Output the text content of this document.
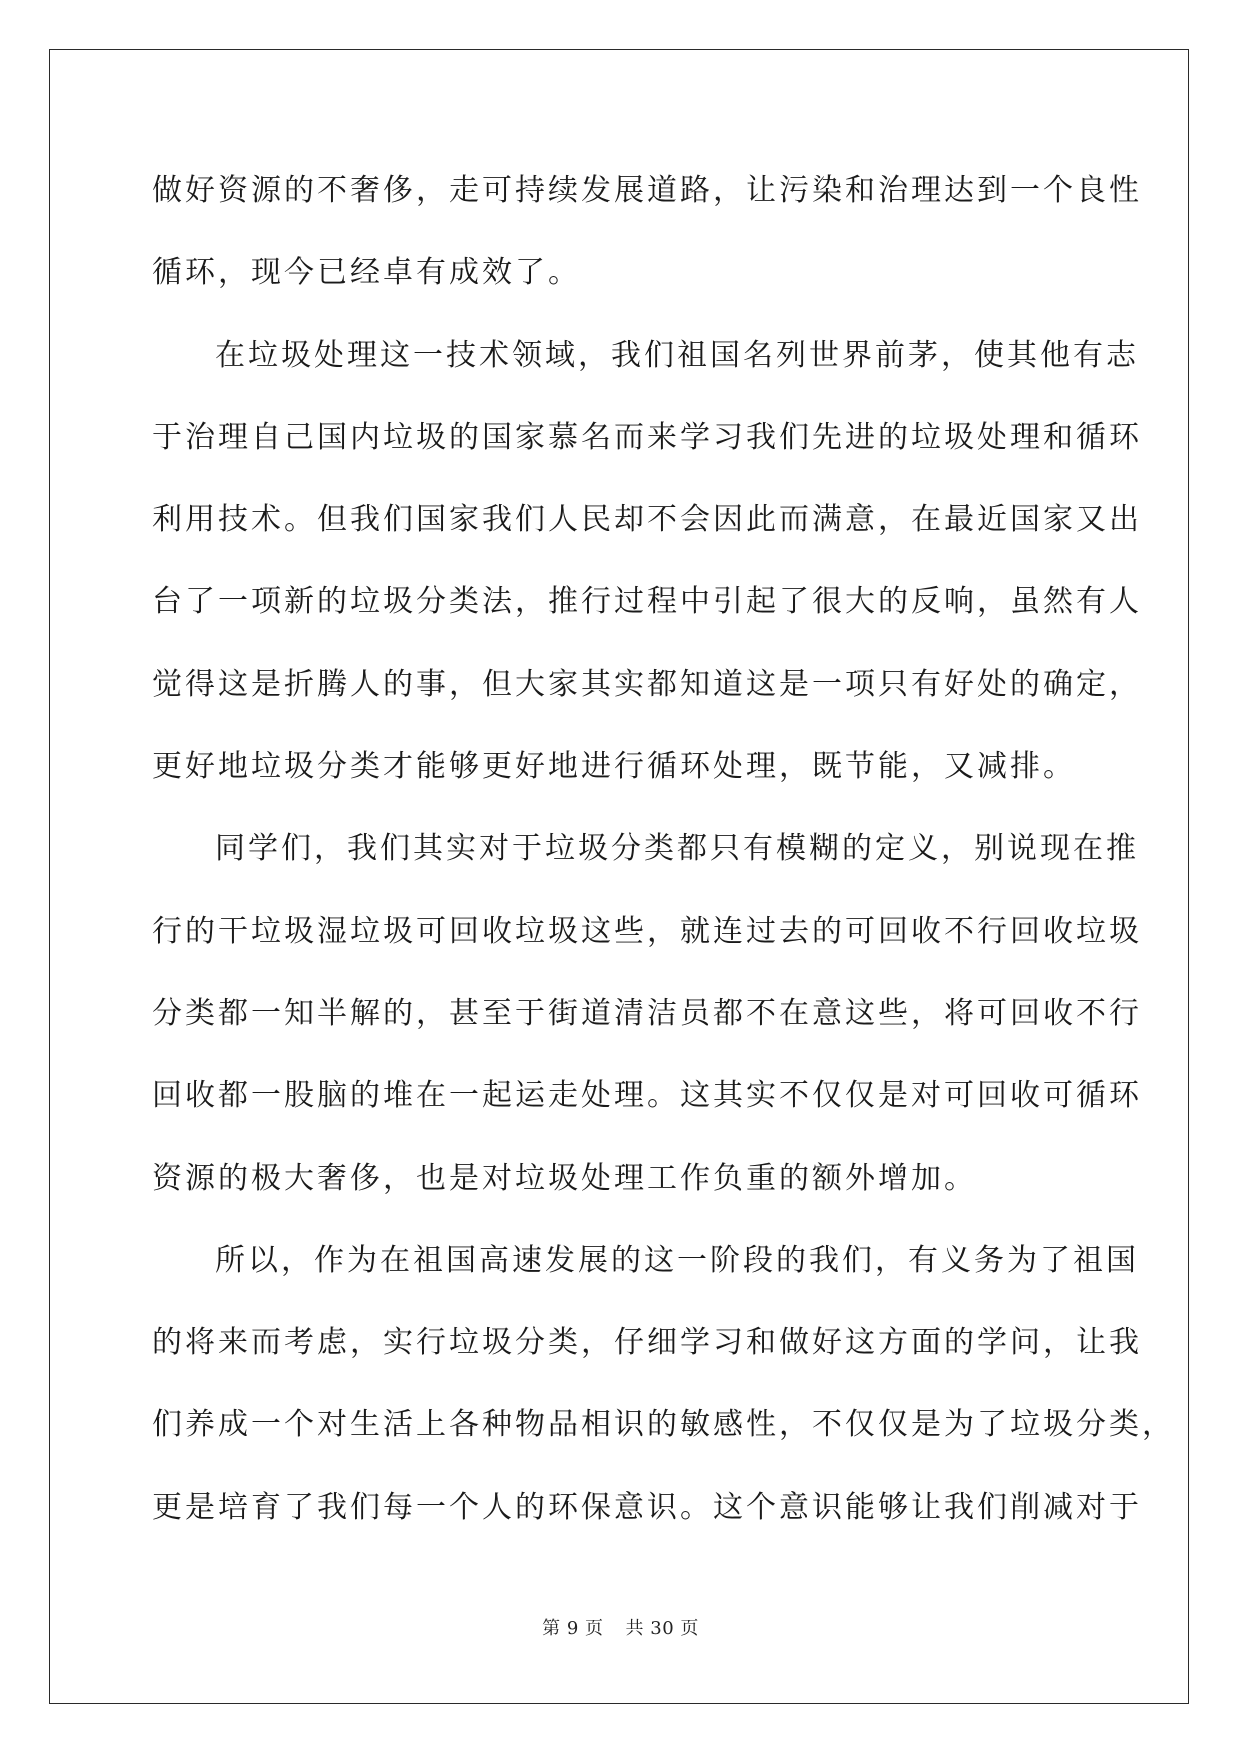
做好资源的不奢侈，走可持续发展道路，让污染和治理达到一个良性
循环，现今已经卓有成效了。
在垃圾处理这一技术领域，我们祖国名列世界前茅，使其他有志
于治理自己国内垃圾的国家慕名而来学习我们先进的垃圾处理和循环
利用技术。但我们国家我们人民却不会因此而满意，在最近国家又出
台了一项新的垃圾分类法，推行过程中引起了很大的反响，虽然有人
觉得这是折腾人的事，但大家其实都知道这是一项只有好处的确定，
更好地垃圾分类才能够更好地进行循环处理，既节能，又减排。
同学们，我们其实对于垃圾分类都只有模糊的定义，别说现在推
行的干垃圾湿垃圾可回收垃圾这些，就连过去的可回收不行回收垃圾
分类都一知半解的，甚至于街道清洁员都不在意这些，将可回收不行
回收都一股脑的堆在一起运走处理。这其实不仅仅是对可回收可循环
资源的极大奢侈，也是对垃圾处理工作负重的额外增加。
所以，作为在祖国高速发展的这一阶段的我们，有义务为了祖国
的将来而考虑，实行垃圾分类，仔细学习和做好这方面的学问，让我
们养成一个对生活上各种物品相识的敏感性，不仅仅是为了垃圾分类，
更是培育了我们每一个人的环保意识。这个意识能够让我们削减对于
第 9 页 共 30 页
